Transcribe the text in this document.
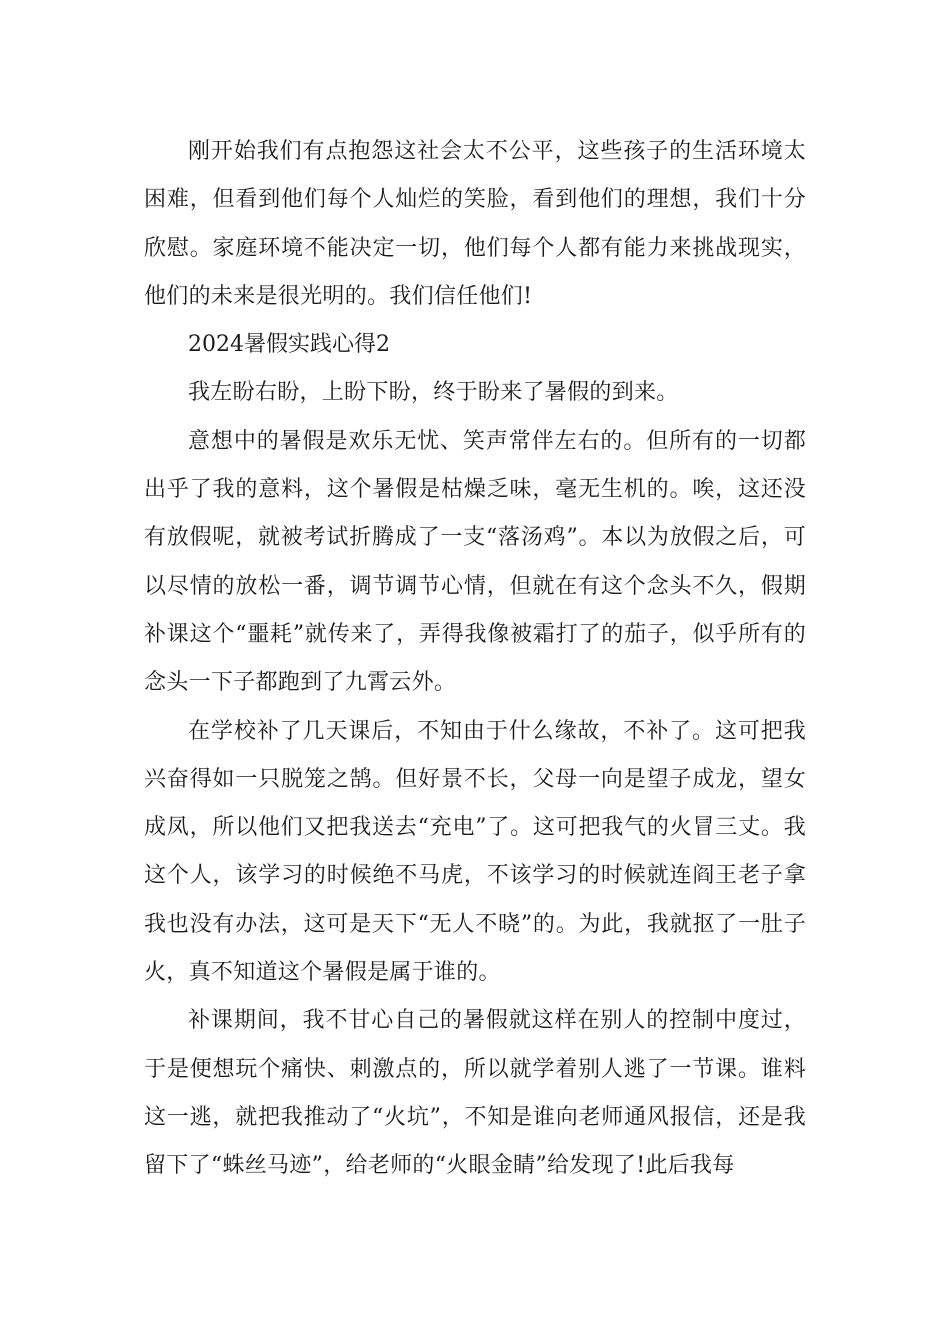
刚开始我们有点抱怨这社会太不公平，这些孩子的生活环境太困难，但看到他们每个人灿烂的笑脸，看到他们的理想，我们十分欣慰。家庭环境不能决定一切，他们每个人都有能力来挑战现实，他们的未来是很光明的。我们信任他们!

2024暑假实践心得2

我左盼右盼，上盼下盼，终于盼来了暑假的到来。

意想中的暑假是欢乐无忧、笑声常伴左右的。但所有的一切都出乎了我的意料，这个暑假是枯燥乏味，毫无生机的。唉，这还没有放假呢，就被考试折腾成了一支“落汤鸡”。本以为放假之后，可以尽情的放松一番，调节调节心情，但就在有这个念头不久，假期补课这个“噩耗”就传来了，弄得我像被霜打了的茄子，似乎所有的念头一下子都跑到了九霄云外。

在学校补了几天课后，不知由于什么缘故，不补了。这可把我兴奋得如一只脱笼之鹄。但好景不长，父母一向是望子成龙，望女成凤，所以他们又把我送去“充电”了。这可把我气的火冒三丈。我这个人，该学习的时候绝不马虎，不该学习的时候就连阎王老子拿我也没有办法，这可是天下“无人不晓”的。为此，我就抠了一肚子火，真不知道这个暑假是属于谁的。

补课期间，我不甘心自己的暑假就这样在别人的控制中度过，于是便想玩个痛快、刺激点的，所以就学着别人逃了一节课。谁料这一逃，就把我推动了“火坑”，不知是谁向老师通风报信，还是我留下了“蛛丝马迹”，给老师的“火眼金睛”给发现了!此后我每
